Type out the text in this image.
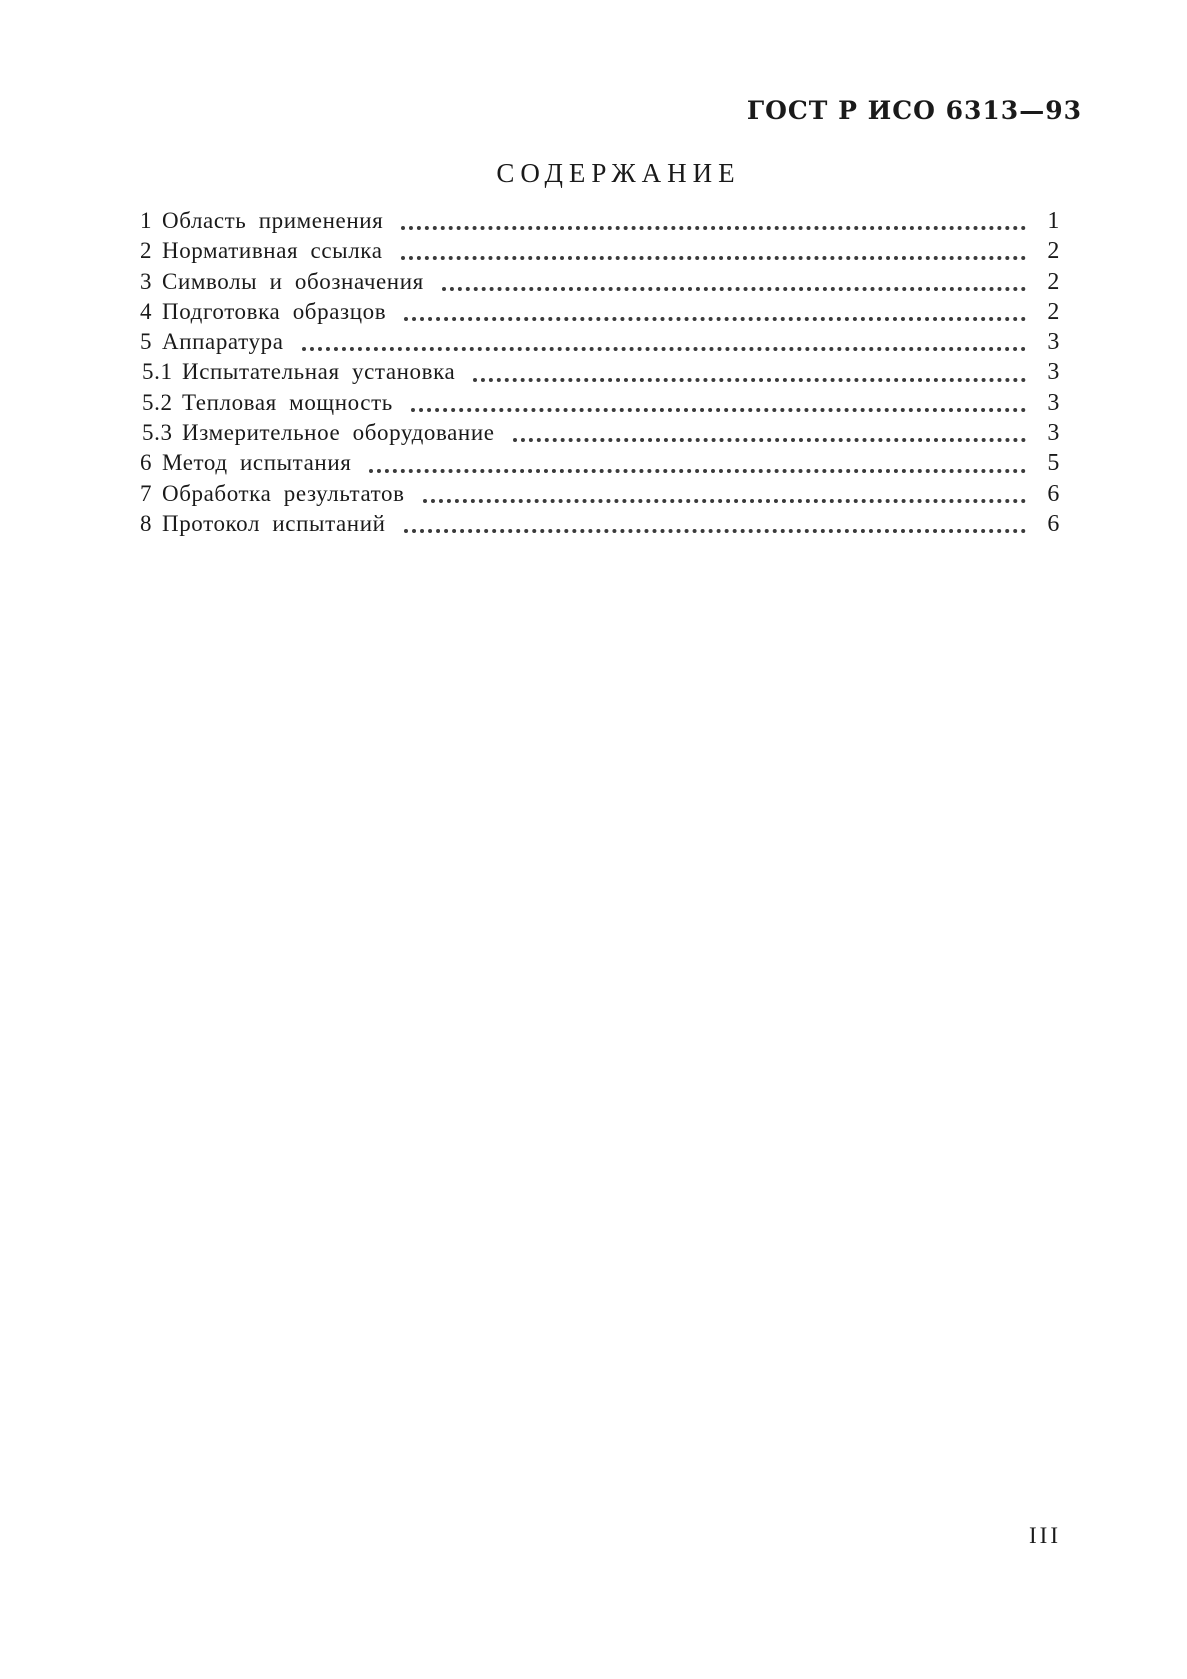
ГОСТ Р ИСО 6313—93
СОДЕРЖАНИЕ
1 Область применения	1
2 Нормативная ссылка	2
3 Символы и обозначения	2
4 Подготовка образцов	2
5 Аппаратура	3
5.1 Испытательная установка	3
5.2 Тепловая мощность	3
5.3 Измерительное оборудование	3
6 Метод испытания	5
7 Обработка результатов	6
8 Протокол испытаний	6
III
